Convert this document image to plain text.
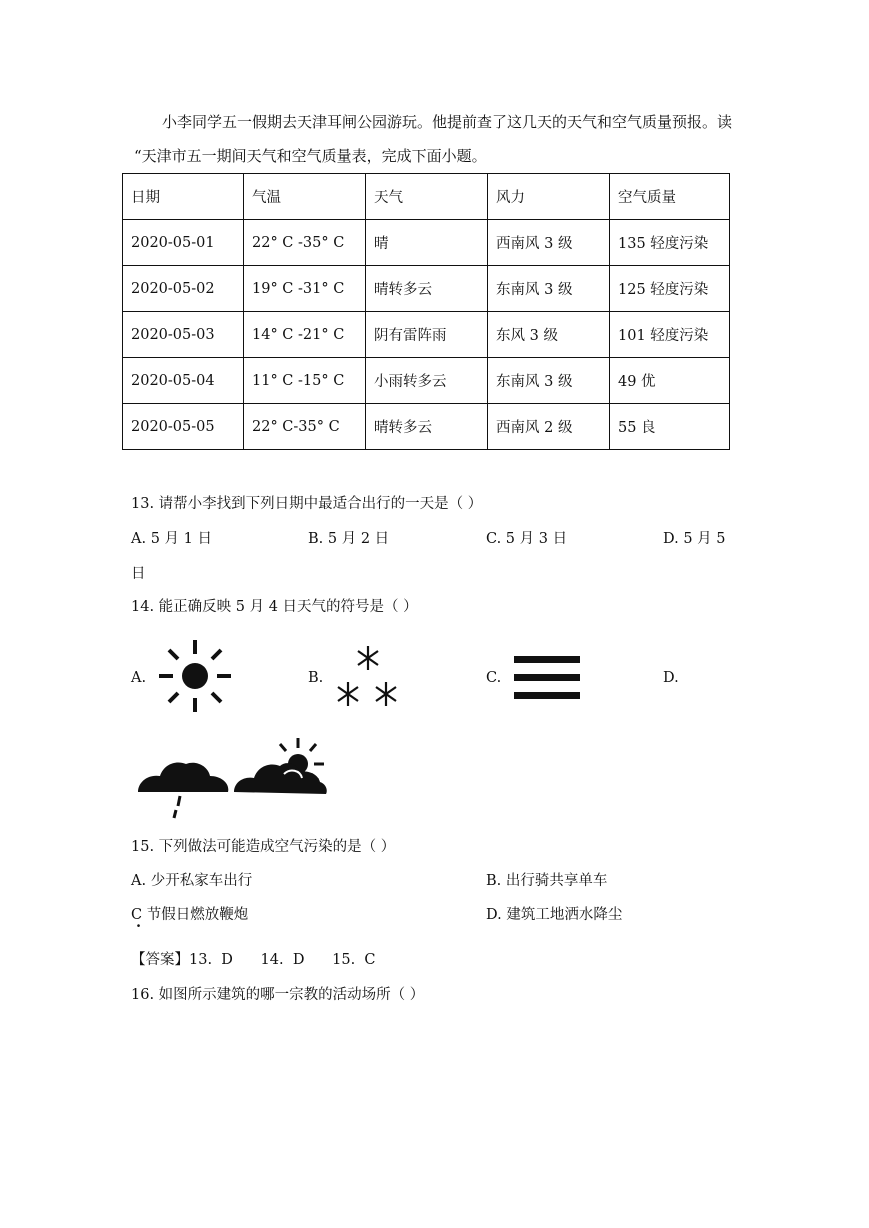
小李同学五一假期去天津耳闸公园游玩。他提前查了这几天的天气和空气质量预报。读

“天津市五一期间天气和空气质量表，完成下面小题。

日期	气温	天气	风力	空气质量
2020-05-01	22° C -35° C	晴	西南风 3 级	135 轻度污染
2020-05-02	19° C -31° C	晴转多云	东南风 3 级	125 轻度污染
2020-05-03	14° C -21° C	阴有雷阵雨	东风 3 级	101 轻度污染
2020-05-04	11° C -15° C	小雨转多云	东南风 3 级	49 优
2020-05-05	22° C-35° C	晴转多云	西南风 2 级	55 良
13. 请帮小李找到下列日期中最适合出行的一天是（ ）
A. 5 月 1 日	B. 5 月 2 日	C. 5 月 3 日	D. 5 月 5
日
14. 能正确反映 5 月 4 日天气的符号是（ ）
A.	B.	C.	D.
15. 下列做法可能造成空气污染的是（ ）
A. 少开私家车出行	B. 出行骑共享单车
C 节假日燃放鞭炮
·
D. 建筑工地洒水降尘
【答案】13.  D      14.  D      15.  C
16. 如图所示建筑的哪一宗教的活动场所（ ）
